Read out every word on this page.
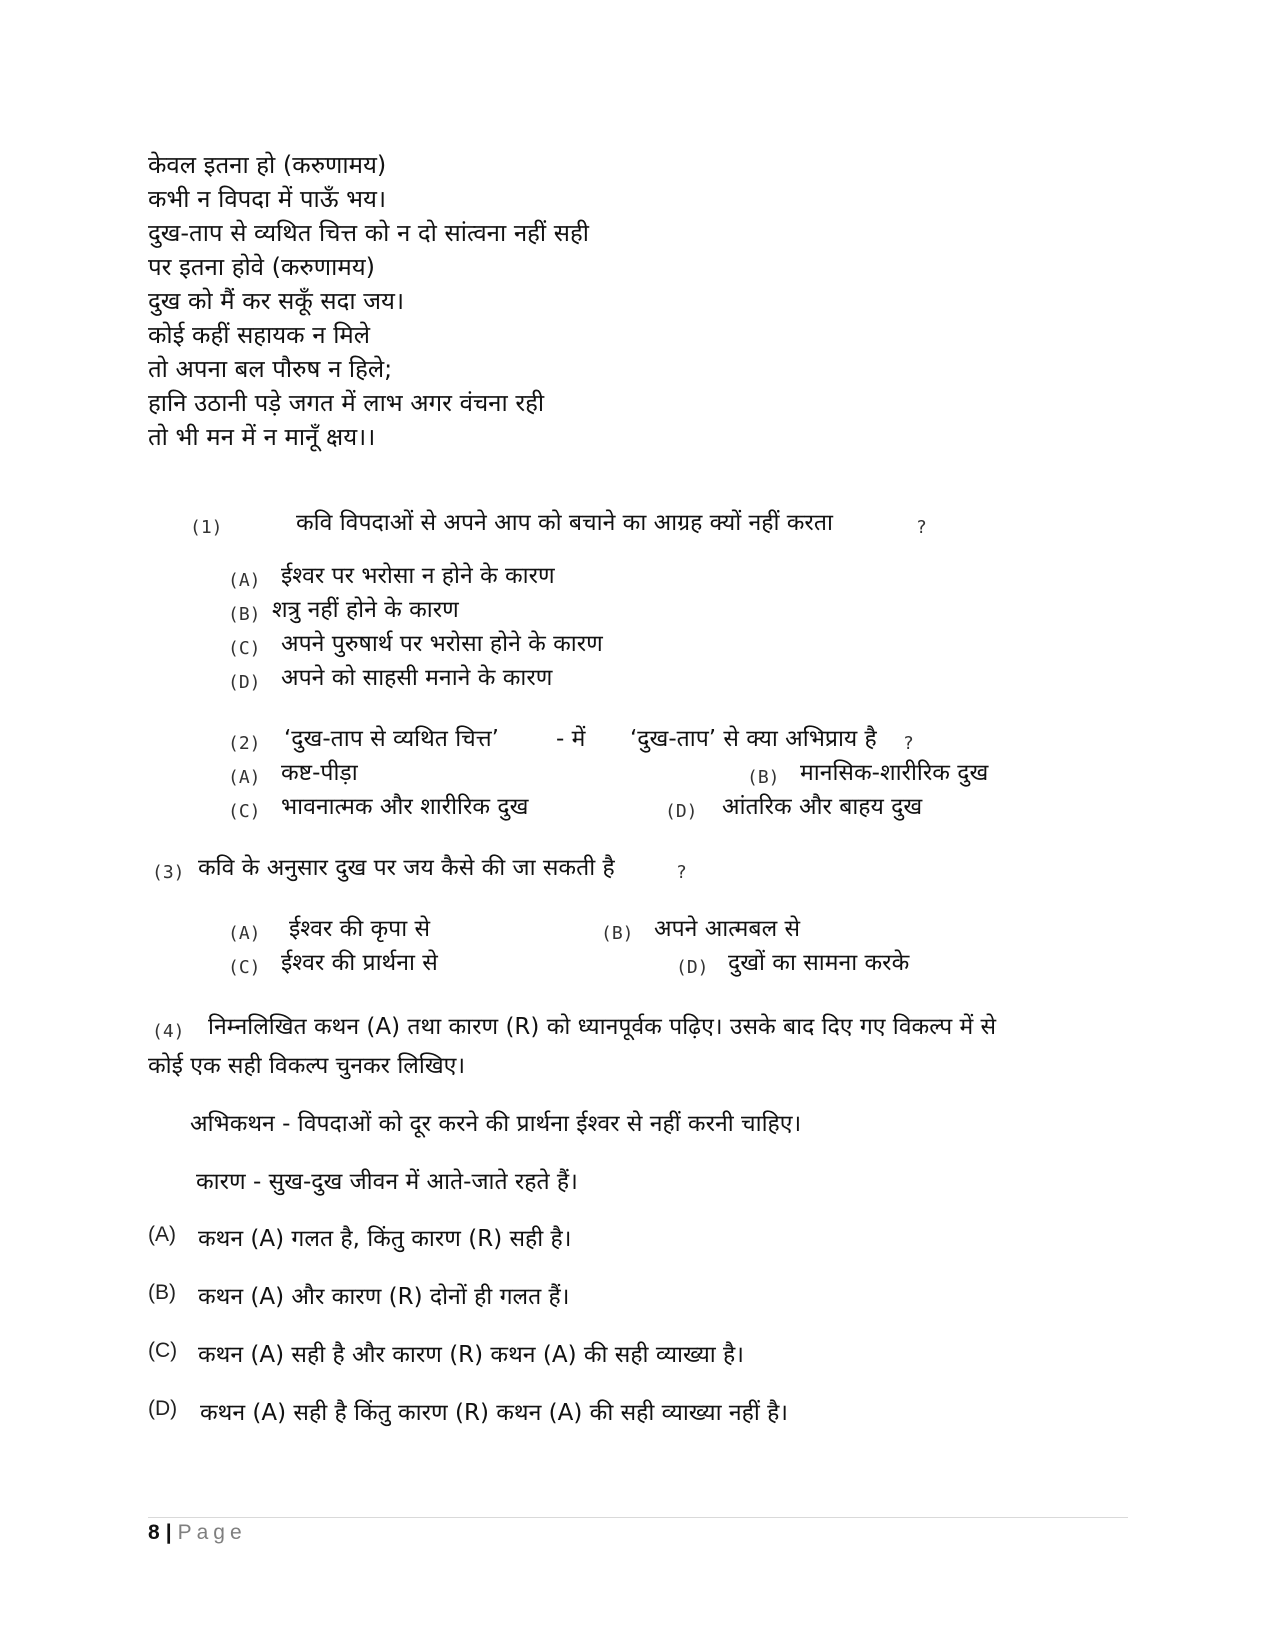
केवल इतना हो (करुणामय)
कभी न विपदा में पाऊँ भय।
दुख-ताप से व्यथित चित्त को न दो सांत्वना नहीं सही
पर इतना होवे (करुणामय)
दुख को मैं कर सकूँ सदा जय।
कोई कहीं सहायक न मिले
तो अपना बल पौरुष न हिले;
हानि उठानी पड़े जगत में लाभ अगर वंचना रही
तो भी मन में न मानूँ क्षय।।
(1)	कवि विपदाओं से अपने आप को बचाने का आग्रह क्यों नहीं करता	?
(A) ईश्वर पर भरोसा न होने के कारण
(B) शत्रु नहीं होने के कारण
(C) अपने पुरुषार्थ पर भरोसा होने के कारण
(D) अपने को साहसी मनाने के कारण
(2) ‘दुख-ताप से व्यथित चित्त’ - में ‘दुख-ताप’ से क्या अभिप्राय है ?
(A) कष्ट-पीड़ा	(B) मानसिक-शारीरिक दुख
(C) भावनात्मक और शारीरिक दुख	(D) आंतरिक और बाहय दुख
(3) कवि के अनुसार दुख पर जय कैसे की जा सकती है	?
(A) ईश्वर की कृपा से	(B) अपने आत्मबल से
(C) ईश्वर की प्रार्थना से	(D) दुखों का सामना करके
(4) निम्नलिखित कथन (A) तथा कारण (R) को ध्यानपूर्वक पढ़िए। उसके बाद दिए गए विकल्प में से
कोई एक सही विकल्प चुनकर लिखिए।
अभिकथन - विपदाओं को दूर करने की प्रार्थना ईश्वर से नहीं करनी चाहिए।
कारण - सुख-दुख जीवन में आते-जाते रहते हैं।
(A) कथन (A) गलत है, किंतु कारण (R) सही है।
(B) कथन (A) और कारण (R) दोनों ही गलत हैं।
(C) कथन (A) सही है और कारण (R) कथन (A) की सही व्याख्या है।
(D) कथन (A) सही है किंतु कारण (R) कथन (A) की सही व्याख्या नहीं है।
8 | Page
